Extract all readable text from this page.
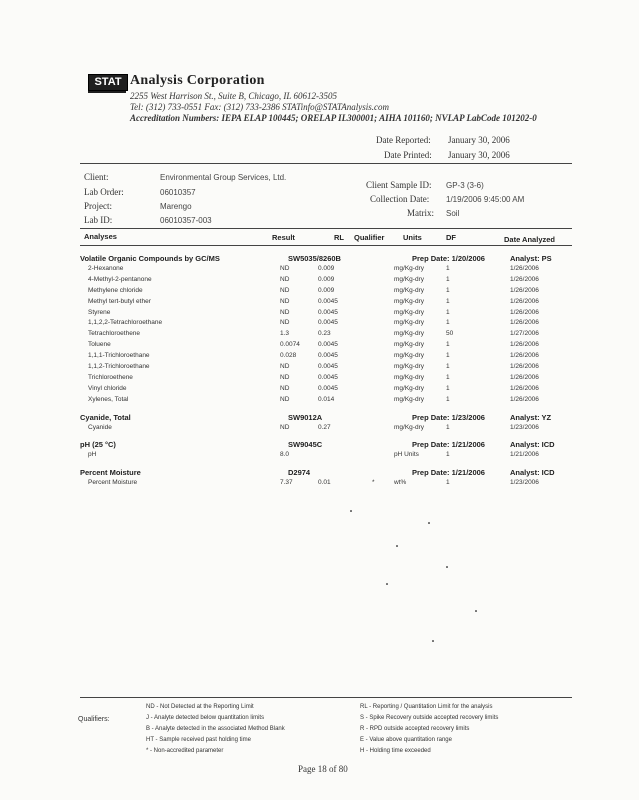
STAT Analysis Corporation
2255 West Harrison St., Suite B, Chicago, IL 60612-3505
Tel: (312) 733-0551 Fax: (312) 733-2386 STATinfo@STATAnalysis.com
Accreditation Numbers: IEPA ELAP 100445; ORELAP IL300001; AIHA 101160; NVLAP LabCode 101202-0
Date Reported: January 30, 2006
Date Printed: January 30, 2006
Client:	Environmental Group Services, Ltd.
Lab Order:	06010357
Project:	Marengo
Lab ID:	06010357-003
Client Sample ID: GP-3 (3-6)
Collection Date: 1/19/2006 9:45:00 AM
Matrix: Soil
Analyses	Result	RL Qualifier Units	DF	Date Analyzed
Volatile Organic Compounds by GC/MS	SW5035/8260B	Prep Date: 1/20/2006	Analyst: PS
2-Hexanone	ND	0.009	mg/Kg-dry	1	1/26/2006
4-Methyl-2-pentanone	ND	0.009	mg/Kg-dry	1	1/26/2006
Methylene chloride	ND	0.009	mg/Kg-dry	1	1/26/2006
Methyl tert-butyl ether	ND	0.0045	mg/Kg-dry	1	1/26/2006
Styrene	ND	0.0045	mg/Kg-dry	1	1/26/2006
1,1,2,2-Tetrachloroethane	ND	0.0045	mg/Kg-dry	1	1/26/2006
Tetrachloroethene	1.3	0.23	mg/Kg-dry	50	1/27/2006
Toluene	0.0074	0.0045	mg/Kg-dry	1	1/26/2006
1,1,1-Trichloroethane	0.028	0.0045	mg/Kg-dry	1	1/26/2006
1,1,2-Trichloroethane	ND	0.0045	mg/Kg-dry	1	1/26/2006
Trichloroethene	ND	0.0045	mg/Kg-dry	1	1/26/2006
Vinyl chloride	ND	0.0045	mg/Kg-dry	1	1/26/2006
Xylenes, Total	ND	0.014	mg/Kg-dry	1	1/26/2006
Cyanide, Total	SW9012A	Prep Date: 1/23/2006	Analyst: YZ
Cyanide	ND	0.27	mg/Kg-dry	1	1/23/2006
pH (25 °C)	SW9045C	Prep Date: 1/21/2006	Analyst: ICD
pH	8.0	pH Units	1	1/21/2006
Percent Moisture	D2974	Prep Date: 1/21/2006	Analyst: ICD
Percent Moisture	7.37	0.01	*	wt%	1	1/23/2006
Qualifiers:
ND - Not Detected at the Reporting Limit
J - Analyte detected below quantitation limits
B - Analyte detected in the associated Method Blank
HT - Sample received past holding time
* - Non-accredited parameter
RL - Reporting / Quantitation Limit for the analysis
S - Spike Recovery outside accepted recovery limits
R - RPD outside accepted recovery limits
E - Value above quantitation range
H - Holding time exceeded
Page 18 of 80
